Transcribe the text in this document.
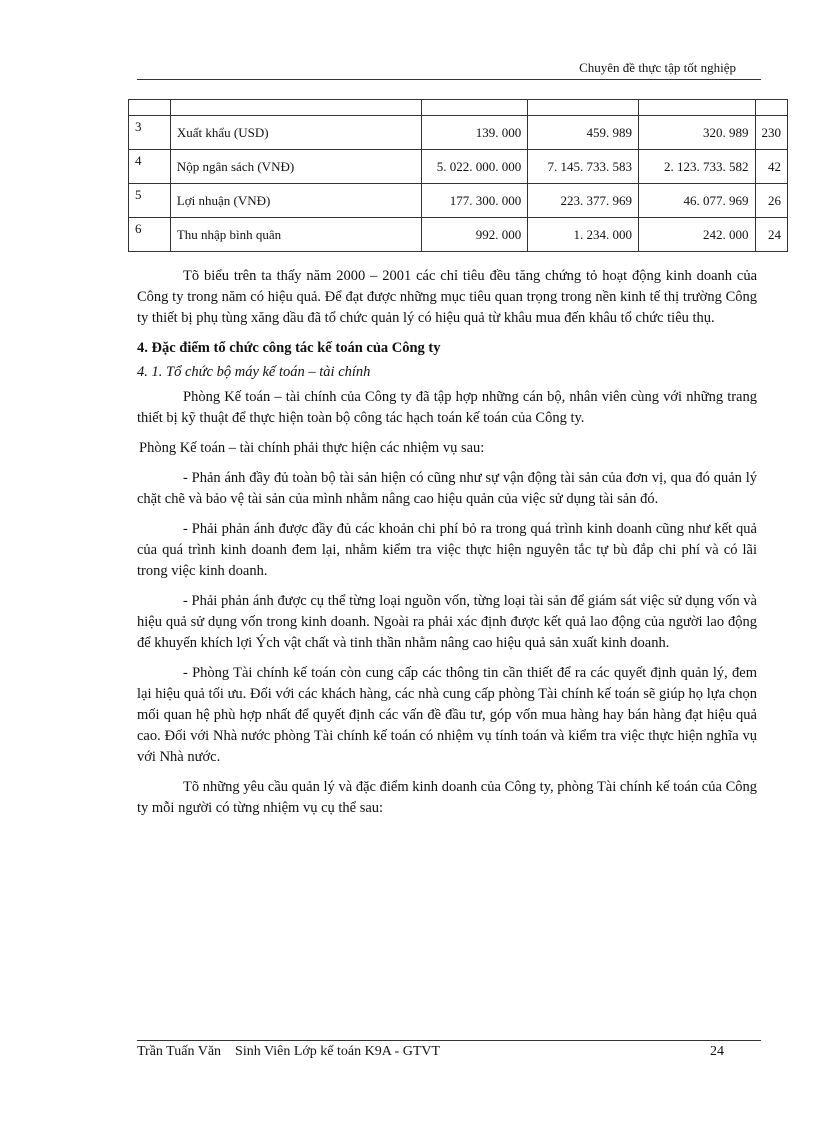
Chuyên đề thực tập tốt nghiệp

3	Xuất khẩu (USD)	139. 000	459. 989	320. 989	230
4	Nộp ngân sách (VNĐ)	5. 022. 000. 000	7. 145. 733. 583	2. 123. 733. 582	42
5	Lợi nhuận (VNĐ)	177. 300. 000	223. 377. 969	46. 077. 969	26
6	Thu nhập bình quân	992. 000	1. 234. 000	242. 000	24

Tõ biểu trên ta thấy năm 2000 – 2001 các chỉ tiêu đều tăng chứng tỏ hoạt động kinh doanh của Công ty trong năm có hiệu quả. Để đạt được những mục tiêu quan trọng trong nền kinh tế thị trường Công ty thiết bị phụ tùng xăng dầu đã tổ chức quản lý có hiệu quả từ khâu mua đến khâu tổ chức tiêu thụ.

4. Đặc điểm tổ chức công tác kế toán của Công ty

4. 1. Tổ chức bộ máy kế toán – tài chính

Phòng Kế toán – tài chính của Công ty đã tập hợp những cán bộ, nhân viên cùng với những trang thiết bị kỹ thuật để thực hiện toàn bộ công tác hạch toán kế toán của Công ty.

Phòng Kế toán – tài chính phải thực hiện các nhiệm vụ sau:

- Phản ánh đầy đủ toàn bộ tài sản hiện có cũng như sự vận động tài sản của đơn vị, qua đó quản lý chặt chẽ và bảo vệ tài sản của mình nhằm nâng cao hiệu quản của việc sử dụng tài sản đó.

- Phải phản ánh được đầy đủ các khoản chi phí bỏ ra trong quá trình kinh doanh cũng như kết quả của quá trình kinh doanh đem lại, nhằm kiểm tra việc thực hiện nguyên tắc tự bù đắp chi phí và có lãi trong việc kinh doanh.

- Phải phản ánh được cụ thể từng loại nguồn vốn, từng loại tài sản để giám sát việc sử dụng vốn và hiệu quả sử dụng vốn trong kinh doanh. Ngoài ra phải xác định được kết quả lao động của người lao động để khuyến khích lợi Ých vật chất và tinh thần nhằm nâng cao hiệu quả sản xuất kinh doanh.

- Phòng Tài chính kế toán còn cung cấp các thông tin cần thiết để ra các quyết định quản lý, đem lại hiệu quả tối ưu. Đối với các khách hàng, các nhà cung cấp phòng Tài chính kế toán sẽ giúp họ lựa chọn mối quan hệ phù hợp nhất để quyết định các vấn đề đầu tư, góp vốn mua hàng hay bán hàng đạt hiệu quả cao. Đối với Nhà nước phòng Tài chính kế toán có nhiệm vụ tính toán và kiểm tra việc thực hiện nghĩa vụ với Nhà nước.

Tõ những yêu cầu quản lý và đặc điểm kinh doanh của Công ty, phòng Tài chính kế toán của Công ty mỗi người có từng nhiệm vụ cụ thể sau:

Trần Tuấn Văn Sinh Viên Lớp kế toán K9A - GTVT	24
